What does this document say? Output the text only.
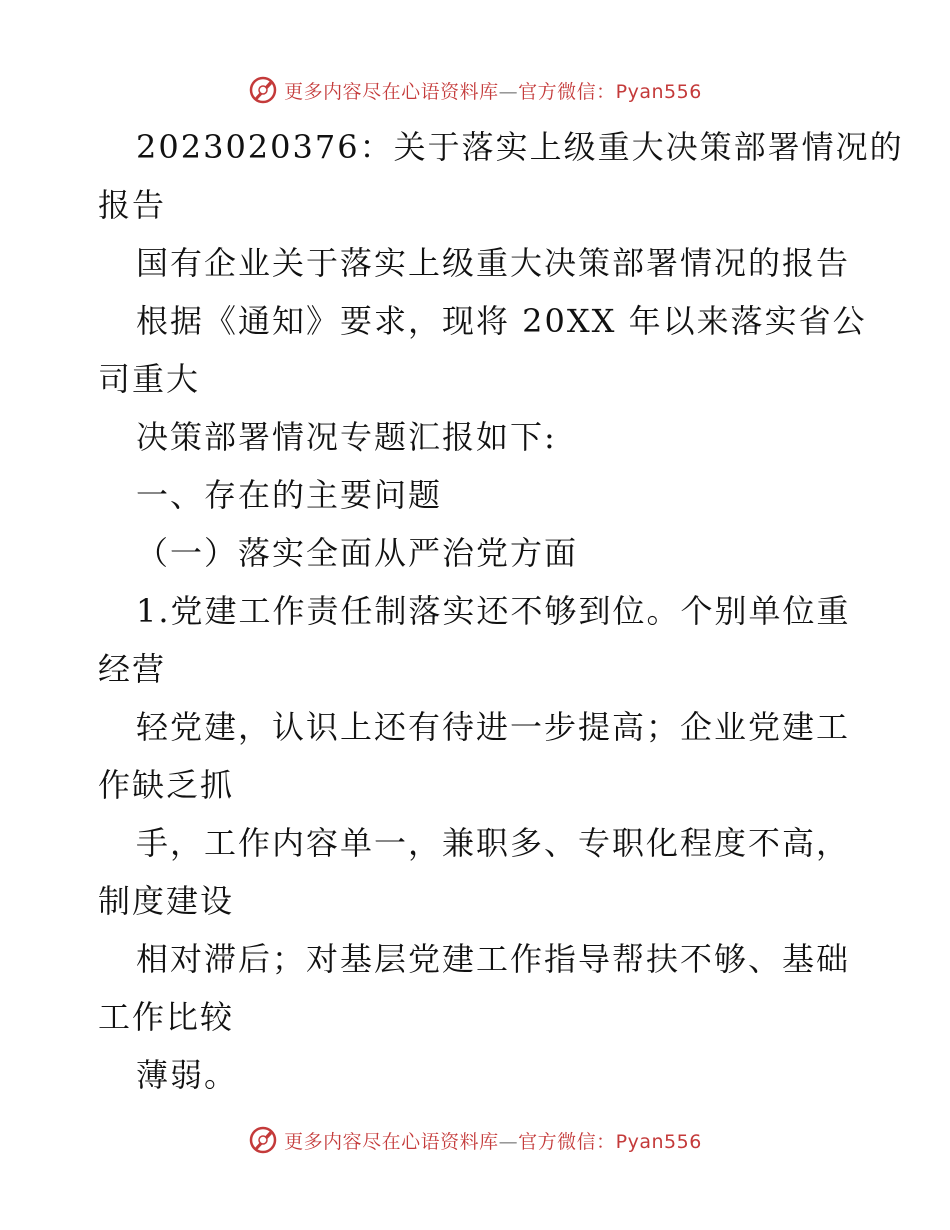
更多内容尽在心语资料库—官方微信：Pyan556
2023020376：关于落实上级重大决策部署情况的
报告
国有企业关于落实上级重大决策部署情况的报告
根据《通知》要求，现将 20XX 年以来落实省公
司重大
决策部署情况专题汇报如下:
一、存在的主要问题
（一）落实全面从严治党方面
1.党建工作责任制落实还不够到位。个别单位重
经营
轻党建，认识上还有待进一步提高；企业党建工
作缺乏抓
手，工作内容单一，兼职多、专职化程度不高，
制度建设
相对滞后；对基层党建工作指导帮扶不够、基础
工作比较
薄弱。
更多内容尽在心语资料库—官方微信：Pyan556
